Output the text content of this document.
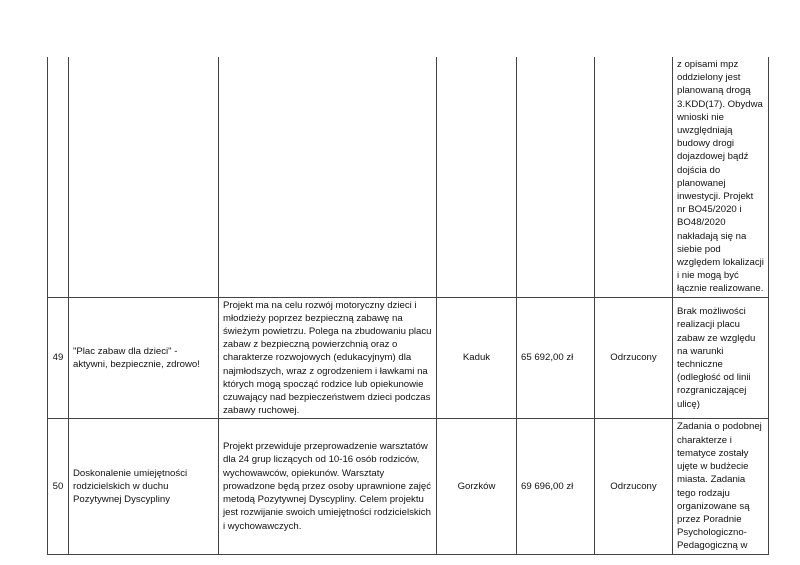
						z opisami mpz oddzielony jest planowaną drogą 3.KDD(17). Obydwa wnioski nie uwzględniają budowy drogi dojazdowej bądź dojścia do planowanej inwestycji. Projekt nr BO45/2020 i BO48/2020 nakładają się na siebie pod względem lokalizacji i nie mogą być łącznie realizowane.
49	"Plac zabaw dla dzieci" - aktywni, bezpiecznie, zdrowo!	Projekt ma na celu rozwój motoryczny dzieci i młodzieży poprzez bezpieczną zabawę na świeżym powietrzu. Polega na zbudowaniu placu zabaw z bezpieczną powierzchnią oraz o charakterze rozwojowych (edukacyjnym) dla najmłodszych, wraz z ogrodzeniem i ławkami na których mogą spocząć rodzice lub opiekunowie czuwający nad bezpieczeństwem dzieci podczas zabawy ruchowej.	Kaduk	65 692,00 zł	Odrzucony	Brak możliwości realizacji placu zabaw ze względu na warunki techniczne (odległość od linii rozgraniczającej ulicę)
50	Doskonalenie umiejętności rodzicielskich w duchu Pozytywnej Dyscypliny	Projekt przewiduje przeprowadzenie warsztatów dla 24 grup liczących od 10-16 osób rodziców, wychowawców, opiekunów. Warsztaty prowadzone będą przez osoby uprawnione zajęć metodą Pozytywnej Dyscypliny. Celem projektu jest rozwijanie swoich umiejętności rodzicielskich i wychowawczych.	Gorzków	69 696,00 zł	Odrzucony	Zadania o podobnej charakterze i tematyce zostały ujęte w budżecie miasta. Zadania tego rodzaju organizowane są przez Poradnie Psychologiczno-Pedagogiczną w
